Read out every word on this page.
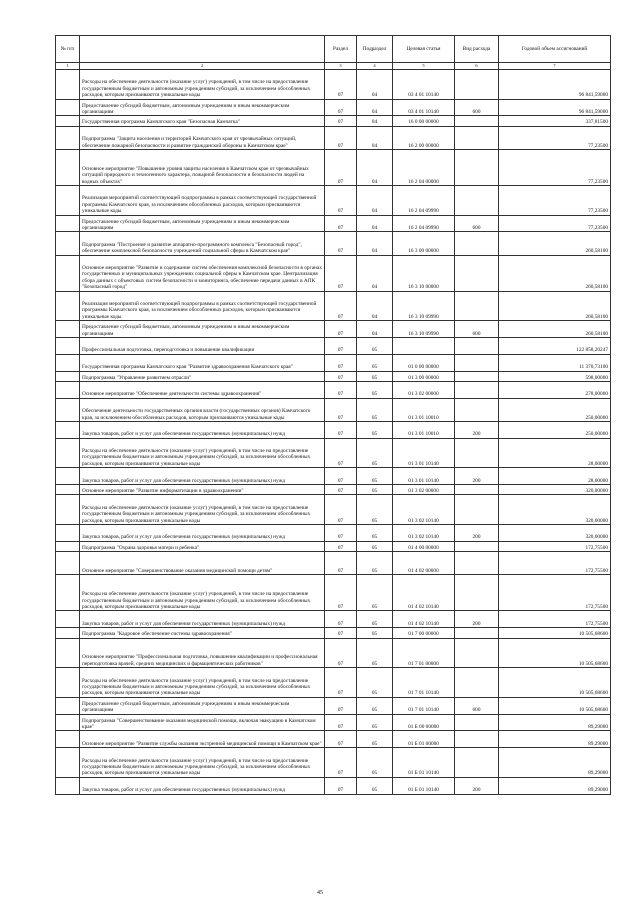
№ п/п		Раздел	Подраздел	Целевая статья	Вид расхода	Годовой объем ассигнований
1	2	3	4	5	6	7
	Расходы на обеспечение деятельности (оказание услуг) учреждений, в том числе на предоставление государственным бюджетным и автономным учреждениям субсидий, за исключением обособленных расходов, которым присваиваются уникальные коды	07	04	03 4 01 10140		96 841,59000
	Предоставление субсидий бюджетным, автономным учреждениям и иным некоммерческим организациям	07	04	03 4 01 10140	600	96 841,59000
	Государственная программа Камчатского края "Безопасная Камчатка"	07	04	16 0 00 00000		337,81500
	Подпрограмма "Защита населения и территорий Камчатского края от чрезвычайных ситуаций, обеспечение пожарной безопасности и развитие гражданской обороны в Камчатском крае"	07	04	16 2 00 00000		77,23500
	Основное мероприятие "Повышение уровня защиты населения в Камчатском крае от чрезвычайных ситуаций природного и техногенного характера, пожарной безопасности и безопасности людей на водных объектах"	07	04	16 2 04 00000		77,23500
	Реализация мероприятий соответствующей подпрограммы в рамках соответствующей государственной программы Камчатского края, за исключением обособленных расходов, которым присваиваются уникальные коды	07	04	16 2 04 09990		77,23500
	Предоставление субсидий бюджетным, автономным учреждениям и иным некоммерческим организациям	07	04	16 2 04 09990	600	77,23500
	Подпрограмма "Построение и развитие аппаратно-программного комплекса "Безопасный город", обеспечение комплексной безопасности учреждений социальной сферы в Камчатском крае"	07	04	16 3 00 00000		260,58100
	Основное мероприятие "Развитие и содержание систем обеспечения комплексной безопасности в органах государственных и муниципальных учреждениях социальной сферы в Камчатском крае. Централизация сбора данных с объектовых систем безопасности и мониторинга, обеспечение передачи данных в АПК "Безопасный город"	07	04	16 3 10 00000		260,58100
	Реализация мероприятий соответствующей подпрограммы в рамках соответствующей государственной программы Камчатского края, за исключением обособленных расходов, которым присваиваются уникальные коды	07	04	16 3 10 09990		260,58100
	Предоставление субсидий бюджетным, автономным учреждениям и иным некоммерческим организациям	07	04	16 3 10 09990	600	260,58100
	Профессиональная подготовка, переподготовка и повышение квалификации	07	05			122 858,20247
	Государственная программа Камчатского края "Развитие здравоохранения Камчатского края"	07	05	01 0 00 00000		11 370,73100
	Подпрограмма "Управление развитием отрасли"	07	05	01 3 00 00000		598,00000
	Основное мероприятие "Обеспечение деятельности системы здравоохранения"	07	05	01 3 02 00000		278,00000
	Обеспечение деятельности государственных органов власти (государственных органов) Камчатского края, за исключением обособленных расходов, которым присваиваются уникальные коды	07	05	01 3 01 10010		250,00000
	Закупка товаров, работ и услуг для обеспечения государственных (муниципальных) нужд	07	05	01 3 01 10010	200	250,00000
	Расходы на обеспечение деятельности (оказание услуг) учреждений, в том числе на предоставление государственным бюджетным и автономным учреждениям субсидий, за исключением обособленных расходов, которым присваиваются уникальные коды	07	05	01 3 01 10140		28,00000
	Закупка товаров, работ и услуг для обеспечения государственных (муниципальных) нужд	07	05	01 3 01 10140	200	28,00000
	Основное мероприятие "Развитие информатизации в здравоохранении"	07	05	01 3 02 00000		320,00000
	Расходы на обеспечение деятельности (оказание услуг) учреждений, в том числе на предоставление государственным бюджетным и автономным учреждениям субсидий, за исключением обособленных расходов, которым присваиваются уникальные коды	07	05	01 3 02 10140		320,00000
	Закупка товаров, работ и услуг для обеспечения государственных (муниципальных) нужд	07	05	01 3 02 10140	200	320,00000
	Подпрограмма "Охрана здоровья матери и ребенка"	07	05	01 4 00 00000		172,75500
	Основное мероприятие "Совершенствование оказания медицинской помощи детям"	07	05	01 4 02 00000		172,75500
	Расходы на обеспечение деятельности (оказание услуг) учреждений, в том числе на предоставление государственным бюджетным и автономным учреждениям субсидий, за исключением обособленных расходов, которым присваиваются уникальные коды	07	05	01 4 02 10140		172,75500
	Закупка товаров, работ и услуг для обеспечения государственных (муниципальных) нужд	07	05	01 4 02 10140	200	172,75500
	Подпрограмма "Кадровое обеспечение системы здравоохранения"	07	05	01 7 00 00000		10 505,68600
	Основное мероприятие "Профессиональная подготовка, повышение квалификации и профессиональная переподготовка врачей, средних медицинских и фармацевтических работников"	07	05	01 7 01 00000		10 505,68600
	Расходы на обеспечение деятельности (оказание услуг) учреждений, в том числе на предоставление государственным бюджетным и автономным учреждениям субсидий, за исключением обособленных расходов, которым присваиваются уникальные коды	07	05	01 7 01 10140		10 505,68600
	Предоставление субсидий бюджетным, автономным учреждениям и иным некоммерческим организациям	07	05	01 7 01 10140	600	10 505,68600
	Подпрограмма "Совершенствование оказания медицинской помощи, включая эвакуацию в Камчатском крае"	07	05	01 Б 00 00000		89,29000
	Основное мероприятие "Развитие службы оказания экстренной медицинской помощи в Камчатском крае"	07	05	01 Б 01 00000		89,29000
	Расходы на обеспечение деятельности (оказание услуг) учреждений, в том числе на предоставление государственным бюджетным и автономным учреждениям субсидий, за исключением обособленных расходов, которым присваиваются уникальные коды	07	05	01 Б 01 10140		89,29000
	Закупка товаров, работ и услуг для обеспечения государственных (муниципальных) нужд	07	05	01 Б 01 10140	200	89,29000
45
